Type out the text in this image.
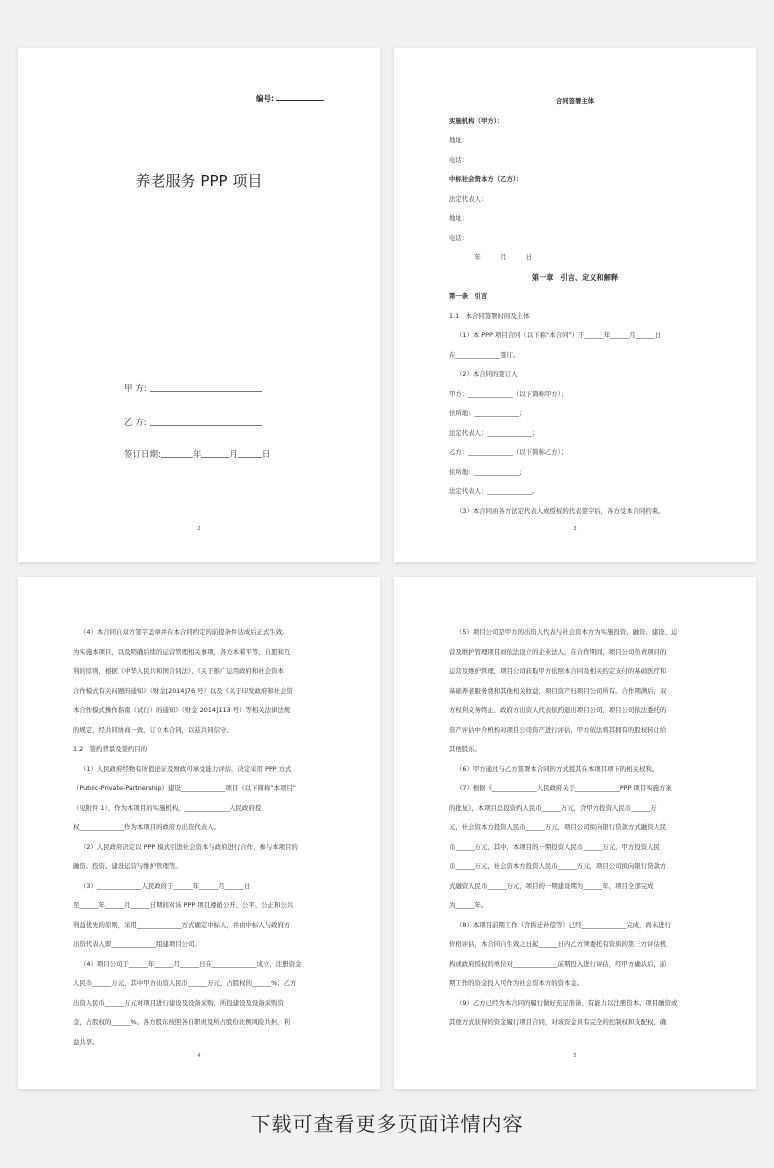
编号:
养老服务 PPP 项目
甲 方:
乙 方:
签订日期:	年	月	日
2
合同签署主体
实施机构（甲方）：
地址：
电话：
中标社会资本方（乙方）：
法定代表人：
地址：
电话：
　　　　年　　　月　　　日
第一章　引言、定义和解释
第一条　引言
1.1　本合同签署时间及主体
（1）本 PPP 项目合同（以下称“本合同”）于______年______月______日
在______________签订。
（2）本合同的签订人
甲方：______________（以下简称甲方）；
住所地：______________；
法定代表人：______________；
乙方：______________（以下简称乙方）；
住所地：______________；
法定代表人：______________。
（3）本合同由各方法定代表人或授权的代表签字后，各方受本合同约束。
3
（4）本合同自双方签字盖章并在本合同约定的前提条件达成后正式生效。
为实施本项目，以及明确后续的运营管理相关事项，各方本着平等、自愿和互
利的原则，根据《中华人民共和国合同法》、《关于推广运用政府和社会资本
合作模式有关问题的通知》（财金[2014]76 号）以及《关于印发政府和社会资
本合作模式操作指南（试行）的通知》（财金 2014]113 号）等相关法律法规
的规定，经共同协商一致，订立本合同，以兹共同信守。
1.2　签约背景及签约目的
（1）人民政府经物有所值论证及财政可承受能力评估，决定采用 PPP 方式
（Public-Private-Partnership）建设______________项目（以下简称“本项目”
（见附件 1），作为本项目的实施机构，______________人民政府授
权______________作为本项目的政府方出资代表人。
（2）人民政府决定以 PPP 模式引进社会资本与政府进行合作，参与本项目的
融资、投资、建设运营与维护管理等。
（3）______________人民政府于______年______月______日
至______年______月______日期间对该 PPP 项目遵循公开、公平、公正和公共
利益优先的原则，采用______________方式确定中标人，并由中标人与政府方
出资代表人即______________组建项目公司。
（4）项目公司于______年______月______日在______________成立，注册资金
人民币______万元，其中甲方出资人民币______万元，占股权的______%；乙方
出资人民币______万元对项目进行建设及设备采购，所投建设及设备采购资
金，占股权的______%。各方股东按照各自职责及所占股份比例风险共担、利
益共享。
4
（5）项目公司是甲方的出资人代表与社会资本方为实施投资、融资、建设、运
营及维护管理项目而依法设立的企业法人，在合作期间，项目公司负责项目的
运营及维护管理，项目公司获取甲方依照本合同及相关约定支付的基础医疗和
基础养老服务费和其他相关收益，项目资产归项目公司所有。合作期满后，双
方权利义务终止，政府方出资人代表依约退出项目公司，项目公司依法委托的
资产评估中介机构对项目公司资产进行评估，甲方依法将其拥有的股权转让给
其他股东。
（6）甲方通过与乙方签署本合同的方式授其在本项目项下的相关权利。
（7）根据《______________人民政府关于______________PPP 项目实施方案
的批复》，本项目总投资约人民币______万元，含甲方投资人民币______万
元，社会资本方投资人民币______万元，项目公司拟向银行贷款方式融资人民
币______万元，其中，本项目的一期投资人民币______万元，甲方投资人民
币______万元，社会资本方投资人民币______万元，项目公司拟向银行贷款方
式融资人民币______万元，项目的一期建设期为______年，项目全部完成
为______年。
（8）本项目前期工作（含拆迁补偿等）已经______________完成，尚未进行
价格评估，本合同自生效之日起______日内乙方须委托有资质的第三方评估机
构或政府授权的单位对______________前期投入进行评估，经甲方确认后，前
期工作的资金投入可作为社会资本方的资本金。
（9）乙方已经为本合同的履行做好充足准备，有能力以注册资本、项目融资或
其他方式获得的资金履行项目合同，对该资金具有完全的控制权和支配权，确
5
下载可查看更多页面详情内容
